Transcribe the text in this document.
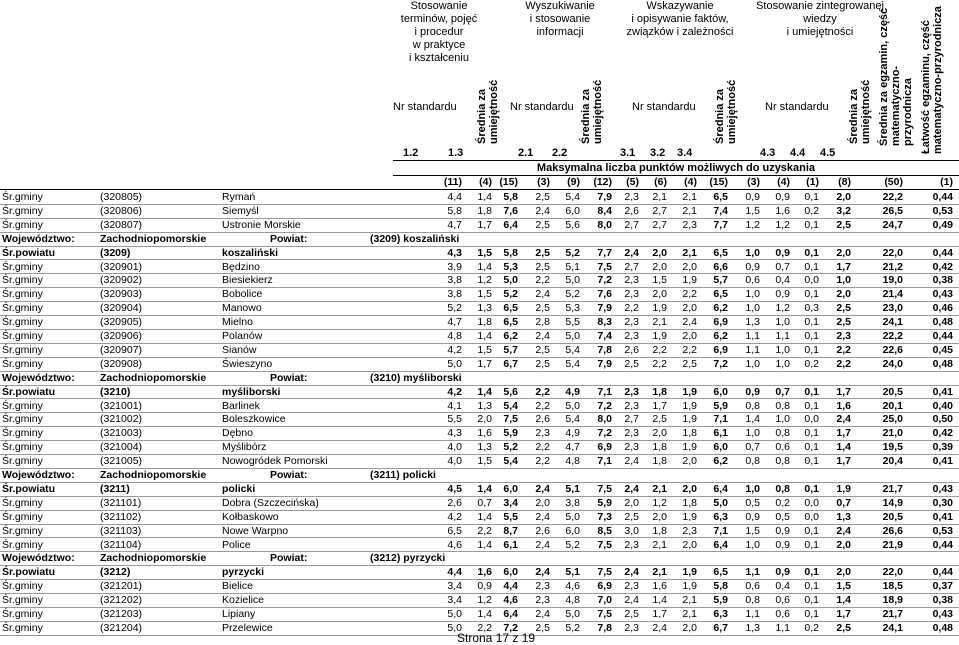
Stosowanie
terminów, pojęć
i procedur
w praktyce
i kształceniu
Wyszukiwanie
i stosowanie
informacji
Wskazywanie
i opisywanie faktów,
związków i zależności
Stosowanie zintegrowanej
wiedzy
i umiejętności
Nr standardu	Nr standardu	Nr standardu	Nr standardu
Średnia za
umiejętność	Średnia za
umiejętność	Średnia za
umiejętność	Średnia za
umiejętność Średnia za egzamin, część
matematyczno-przyrodnicza Łatwość egzaminu, część
matematyczno-przyrodnicza
1.2	1.3	2.1 2.2	3.1 3.2 3.4	4.3 4.4 4.5
Maksymalna liczba punktów możliwych do uzyskania
(11) (4) (15) (3) (9) (12) (5) (6) (4) (15) (3) (4) (1) (8)	(50)	(1)
Śr.gminy	(320805)	Rymań	4,4 1,4 5,8 2,5 5,4 7,9 2,3 2,1 2,1 6,5 0,9 0,9 0,1 2,0	22,2	0,44
Śr.gminy	(320806)	Siemyśl	5,8 1,8 7,6 2,4 6,0 8,4 2,6 2,7 2,1 7,4 1,5 1,6 0,2 3,2	26,5	0,53
Śr.gminy	(320807)	Ustronie Morskie	4,7 1,7 6,4 2,5 5,6 8,0 2,7 2,7 2,3 7,7 1,2 1,2 0,1 2,5	24,7	0,49
Województwo: Zachodniopomorskie	Powiat:	(3209) koszaliński
Śr.powiatu	(3209)	koszaliński	4,3 1,5 5,8 2,5 5,2 7,7 2,4 2,0 2,1 6,5 1,0 0,9 0,1 2,0	22,0	0,44
Śr.gminy	(320901)	Będzino	3,9 1,4 5,3 2,5 5,1 7,5 2,7 2,0 2,0 6,6 0,9 0,7 0,1 1,7	21,2	0,42
Śr.gminy	(320902)	Biesiekierz	3,8 1,2 5,0 2,2 5,0 7,2 2,3 1,5 1,9 5,7 0,6 0,4 0,0 1,0	19,0	0,38
Śr.gminy	(320903)	Bobolice	3,8 1,5 5,2 2,4 5,2 7,6 2,3 2,0 2,2 6,5 1,0 0,9 0,1 2,0	21,4	0,43
Śr.gminy	(320904)	Manowo	5,2 1,3 6,5 2,5 5,3 7,9 2,2 1,9 2,0 6,2 1,0 1,2 0,3 2,5	23,0	0,46
Śr.gminy	(320905)	Mielno	4,7 1,8 6,5 2,8 5,5 8,3 2,3 2,1 2,4 6,9 1,3 1,0 0,1 2,5	24,1	0,48
Śr.gminy	(320906)	Polanów	4,8 1,4 6,2 2,4 5,0 7,4 2,3 1,9 2,0 6,2 1,1 1,1 0,1 2,3	22,2	0,44
Śr.gminy	(320907)	Sianów	4,2 1,5 5,7 2,5 5,4 7,8 2,6 2,2 2,2 6,9 1,1 1,0 0,1 2,2	22,6	0,45
Śr.gminy	(320908)	Świeszyno	5,0 1,7 6,7 2,5 5,4 7,9 2,5 2,2 2,5 7,2 1,0 1,0 0,2 2,2	24,0	0,48
Województwo: Zachodniopomorskie	Powiat:	(3210) myśliborski
Śr.powiatu	(3210)	myśliborski	4,2 1,4 5,6 2,2 4,9 7,1 2,3 1,8 1,9 6,0 0,9 0,7 0,1 1,7	20,5	0,41
Śr.gminy	(321001)	Barlinek	4,1 1,3 5,4 2,2 5,0 7,2 2,3 1,7 1,9 5,9 0,8 0,8 0,1 1,6	20,1	0,40
Śr.gminy	(321002)	Boleszkowice	5,5 2,0 7,5 2,6 5,4 8,0 2,7 2,5 1,9 7,1 1,4 1,0 0,0 2,4	25,0	0,50
Śr.gminy	(321003)	Dębno	4,3 1,6 5,9 2,3 4,9 7,2 2,3 2,0 1,8 6,1 1,0 0,8 0,1 1,7	21,0	0,42
Śr.gminy	(321004)	Myślibórz	4,0 1,3 5,2 2,2 4,7 6,9 2,3 1,8 1,9 6,0 0,7 0,6 0,1 1,4	19,5	0,39
Śr.gminy	(321005)	Nowogródek Pomorski	4,0 1,5 5,4 2,2 4,8 7,1 2,4 1,8 2,0 6,2 0,8 0,8 0,1 1,7	20,4	0,41
Województwo: Zachodniopomorskie	Powiat:	(3211) policki
Śr.powiatu	(3211)	policki	4,5 1,4 6,0 2,4 5,1 7,5 2,4 2,1 2,0 6,4 1,0 0,8 0,1 1,9	21,7	0,43
Śr.gminy	(321101)	Dobra (Szczecińska)	2,6 0,7 3,4 2,0 3,8 5,9 2,0 1,2 1,8 5,0 0,5 0,2 0,0 0,7	14,9	0,30
Śr.gminy	(321102)	Kołbaskowo	4,2 1,4 5,5 2,4 5,0 7,3 2,5 2,0 1,9 6,3 0,9 0,5 0,0 1,3	20,5	0,41
Śr.gminy	(321103)	Nowe Warpno	6,5 2,2 8,7 2,6 6,0 8,5 3,0 1,8 2,3 7,1 1,5 0,9 0,1 2,4	26,6	0,53
Śr.gminy	(321104)	Police	4,6 1,4 6,1 2,4 5,2 7,5 2,3 2,1 2,0 6,4 1,0 0,9 0,1 2,0	21,9	0,44
Województwo: Zachodniopomorskie	Powiat:	(3212) pyrzycki
Śr.powiatu	(3212)	pyrzycki	4,4 1,6 6,0 2,4 5,1 7,5 2,4 2,1 1,9 6,5 1,1 0,9 0,1 2,0	22,0	0,44
Śr.gminy	(321201)	Bielice	3,4 0,9 4,4 2,3 4,6 6,9 2,3 1,6 1,9 5,8 0,6 0,4 0,1 1,5	18,5	0,37
Śr.gminy	(321202)	Kozielice	3,4 1,2 4,6 2,3 4,8 7,0 2,4 1,4 2,1 5,9 0,8 0,6 0,1 1,4	18,9	0,38
Śr.gminy	(321203)	Lipiany	5,0 1,4 6,4 2,4 5,0 7,5 2,5 1,7 2,1 6,3 1,1 0,6 0,1 1,7	21,7	0,43
Śr.gminy	(321204)	Przelewice	5,0 2,2 7,2 2,5 5,2 7,8 2,3 2,4 2,0 6,7 1,3 1,1 0,2 2,5	24,1	0,48
Strona 17 z 19
